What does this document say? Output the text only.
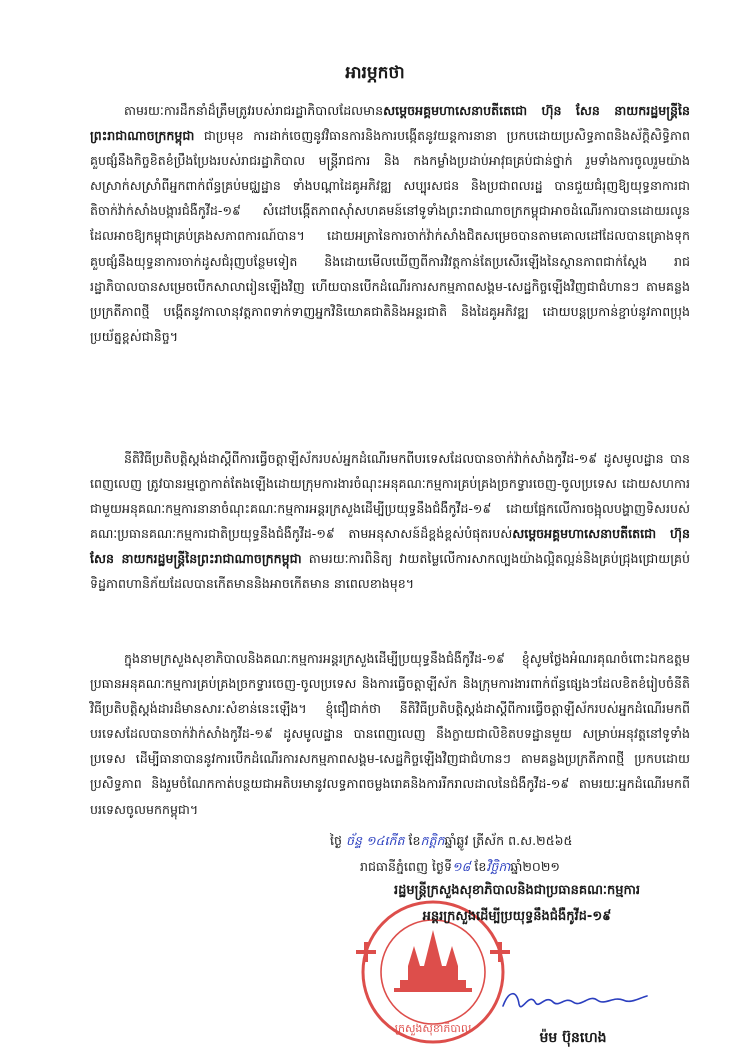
អារម្ភកថា
តាមរយៈការដឹកនាំដ៏ត្រឹមត្រូវរបស់រាជរដ្ឋាភិបាលដែលមានសម្តេចអគ្គមហាសេនាបតីតេជោ ហ៊ុន សែន នាយករដ្ឋមន្ត្រីនៃព្រះរាជាណាចក្រកម្ពុជា ជាប្រមុខ ការដាក់ចេញនូវវិធានការនិងការបង្កើតនូវយន្តការនានា ប្រកបដោយប្រសិទ្ធភាពនិងស័ក្តិសិទ្ធិភាព គួបផ្សំនឹងកិច្ចខិតខំប្រឹងប្រែងរបស់រាជរដ្ឋាភិបាល មន្ត្រីរាជការ និង កងកម្លាំងប្រដាប់អាវុធគ្រប់ជាន់ថ្នាក់ រួមទាំងការចូលរួមយ៉ាងសស្រាក់សស្រាំពីអ្នកពាក់ព័ន្ធគ្រប់មជ្ឈដ្ឋាន ទាំងបណ្តាដៃគូអភិវឌ្ឍ សប្បុរសជន និងប្រជាពលរដ្ឋ បានជួយជំរុញឱ្យយុទ្ធនាការជាតិចាក់វ៉ាក់សាំងបង្ការជំងឺកូវីដ-១៩ សំដៅបង្កើតភាពស៊ាំសហគមន៍នៅទូទាំងព្រះរាជាណាចក្រកម្ពុជាអាចដំណើរការបានដោយរលូន ដែលអាចឱ្យកម្ពុជាគ្រប់គ្រងសភាពការណ៍បាន។ ដោយអត្រានៃការចាក់វ៉ាក់សាំងជិតសម្រេចបានតាមគោលដៅដែលបានគ្រោងទុក គួបផ្សំនឹងយុទ្ធនាការចាក់ដូសជំរុញបន្ថែមទៀត និងដោយមើលឃើញពីការវិវត្តកាន់តែប្រសើរឡើងនៃស្ថានភាពជាក់ស្តែង រាជរដ្ឋាភិបាលបានសម្រេចបើកសាលារៀនឡើងវិញ ហើយបានបើកដំណើរការសកម្មភាពសង្គម-សេដ្ឋកិច្ចឡើងវិញជាជំហានៗ តាមគន្លងប្រក្រតីភាពថ្មី បង្កើតនូវកាលានុវត្តភាពទាក់ទាញអ្នកវិនិយោគជាតិនិងអន្តរជាតិ និងដៃគូអភិវឌ្ឍ ដោយបន្តប្រកាន់ខ្ជាប់នូវភាពប្រុងប្រយ័ត្នខ្ពស់ជានិច្ច។
នីតិវិធីប្រតិបត្តិស្តង់ដាស្តីពីការធ្វើចត្តាឡីស័ករបស់អ្នកដំណើរមកពីបរទេសដែលបានចាក់វ៉ាក់សាំងកូវីដ-១៩ ដូសមូលដ្ឋាន បានពេញលេញ ត្រូវបានរម្មក្ខោកាត់តែងឡើងដោយក្រុមការងារចំណុះអនុគណៈកម្មការគ្រប់គ្រងច្រកទ្វារចេញ-ចូលប្រទេស ដោយសហការជាមួយអនុគណៈកម្មការនានាចំណុះគណៈកម្មការអន្តរក្រសួងដើម្បីប្រយុទ្ធនឹងជំងឺកូវីដ-១៩ ដោយផ្អែកលើការចង្អុលបង្ហាញទិសរបស់គណៈប្រធានគណៈកម្មការជាតិប្រយុទ្ធនឹងជំងឺកូវីដ-១៩ តាមអនុសាសន៍ដ៏ខ្ពង់ខ្ពស់បំផុតរបស់សម្តេចអគ្គមហាសេនាបតីតេជោ ហ៊ុន សែន នាយករដ្ឋមន្ត្រីនៃព្រះរាជាណាចក្រកម្ពុជា តាមរយៈការពិនិត្យ វាយតម្លៃលើការសាកល្បងយ៉ាងល្អិតល្អន់និងគ្រប់ជ្រុងជ្រោយគ្រប់ទិដ្ឋភាពហានិភ័យដែលបានកើតមាននិងអាចកើតមាន នាពេលខាងមុខ។
ក្នុងនាមក្រសួងសុខាភិបាលនិងគណៈកម្មការអន្តរក្រសួងដើម្បីប្រយុទ្ធនឹងជំងឺកូវីដ-១៩ ខ្ញុំសូមថ្លែងអំណរគុណចំពោះឯកឧត្តមប្រធានអនុគណៈកម្មការគ្រប់គ្រងច្រកទ្វារចេញ-ចូលប្រទេស និងការធ្វើចត្តាឡីស័ក និងក្រុមការងារពាក់ព័ន្ធផ្សេងៗដែលខិតខំរៀបចំនីតិវិធីប្រតិបត្តិស្តង់ដារដ៏មានសារៈសំខាន់នេះឡើង។ ខ្ញុំជឿជាក់ថា នីតិវិធីប្រតិបត្តិស្តង់ដាស្តីពីការធ្វើចត្តាឡីស័ករបស់អ្នកដំណើរមកពីបរទេសដែលបានចាក់វ៉ាក់សាំងកូវីដ-១៩ ដូសមូលដ្ឋាន បានពេញលេញ នឹងក្លាយជាលិខិតបទដ្ឋានមួយ សម្រាប់អនុវត្តនៅទូទាំងប្រទេស ដើម្បីធានាបាននូវការបើកដំណើរការសកម្មភាពសង្គម-សេដ្ឋកិច្ចឡើងវិញជាជំហានៗ តាមគន្លងប្រក្រតីភាពថ្មី ប្រកបដោយប្រសិទ្ធភាព និងរួមចំណែកកាត់បន្ថយជាអតិបរមានូវលទ្ធភាពចម្លងរោគនិងការរីករាលដាលនៃជំងឺកូវីដ-១៩ តាមរយៈអ្នកដំណើរមកពីបរទេសចូលមកកម្ពុជា។
ថ្ងៃ ច័ន្ទ ១៤កើត ខែកត្តិកឆ្នាំឆ្លូវ ត្រីស័ក ព.ស.២៥៦៥
រាជធានីភ្នំពេញ ថ្ងៃទី១៨ ខែវិច្ឆិកាឆ្នាំ២០២១
ក្រសួងសុខាភិបាល
រដ្ឋមន្ត្រីក្រសួងសុខាភិបាលនិងជាប្រធានគណៈកម្មការ
អន្តរក្រសួងដើម្បីប្រយុទ្ធនឹងជំងឺកូវីដ-១៩
ម៉ម ប៊ុនហេង
